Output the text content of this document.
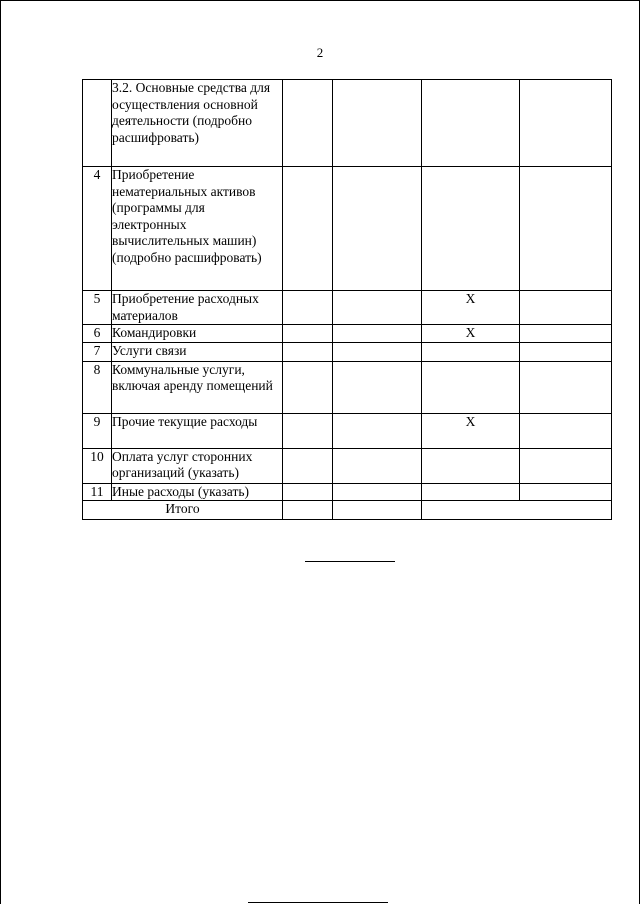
2
	3.2. Основные средства для осуществления основной деятельности (подробно расшифровать)				
4	Приобретение нематериальных активов (программы для электронных вычислительных машин) (подробно расшифровать)				
5	Приобретение расходных материалов			X	
6	Командировки			X	
7	Услуги связи				
8	Коммунальные услуги, включая аренду помещений				
9	Прочие текущие расходы			X	
10	Оплата услуг сторонних организаций (указать)				
11	Иные расходы (указать)				
Итого					
